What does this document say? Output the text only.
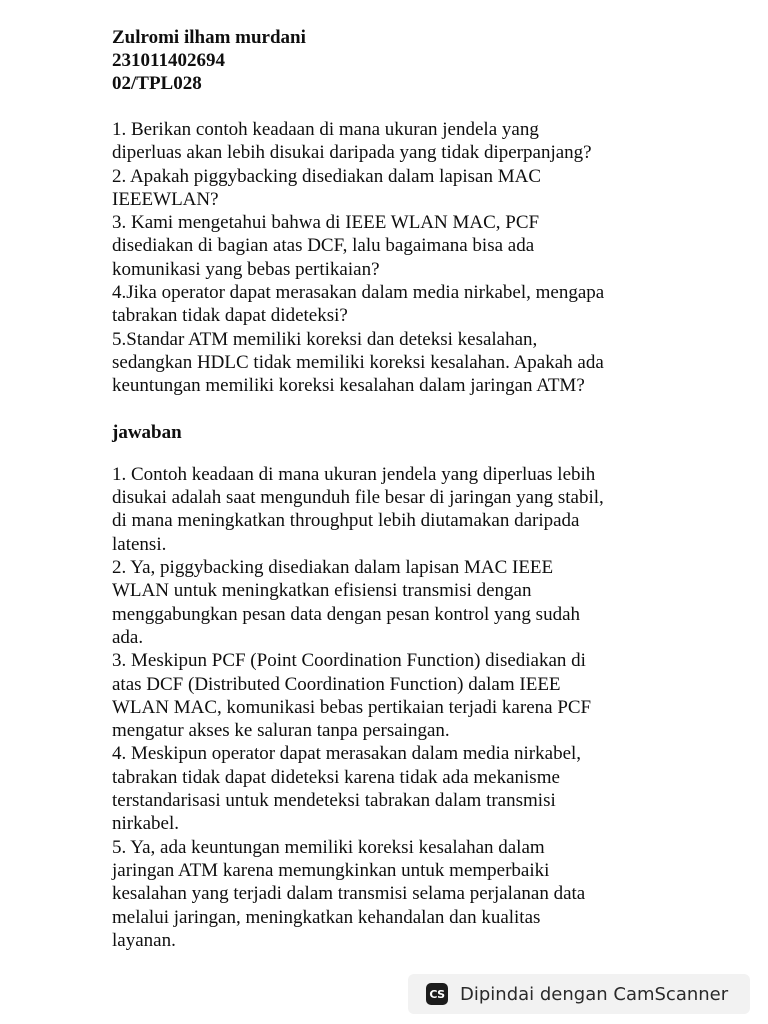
Zulromi ilham murdani

231011402694

02/TPL028

1. Berikan contoh keadaan di mana ukuran jendela yang

diperluas akan lebih disukai daripada yang tidak diperpanjang?

2. Apakah piggybacking disediakan dalam lapisan MAC

IEEEWLAN?

3. Kami mengetahui bahwa di IEEE WLAN MAC, PCF

disediakan di bagian atas DCF, lalu bagaimana bisa ada

komunikasi yang bebas pertikaian?

4.Jika operator dapat merasakan dalam media nirkabel, mengapa

tabrakan tidak dapat dideteksi?

5.Standar ATM memiliki koreksi dan deteksi kesalahan,

sedangkan HDLC tidak memiliki koreksi kesalahan. Apakah ada

keuntungan memiliki koreksi kesalahan dalam jaringan ATM?

jawaban

1. Contoh keadaan di mana ukuran jendela yang diperluas lebih

disukai adalah saat mengunduh file besar di jaringan yang stabil,

di mana meningkatkan throughput lebih diutamakan daripada

latensi.

2. Ya, piggybacking disediakan dalam lapisan MAC IEEE

WLAN untuk meningkatkan efisiensi transmisi dengan

menggabungkan pesan data dengan pesan kontrol yang sudah

ada.

3. Meskipun PCF (Point Coordination Function) disediakan di

atas DCF (Distributed Coordination Function) dalam IEEE

WLAN MAC, komunikasi bebas pertikaian terjadi karena PCF

mengatur akses ke saluran tanpa persaingan.

4. Meskipun operator dapat merasakan dalam media nirkabel,

tabrakan tidak dapat dideteksi karena tidak ada mekanisme

terstandarisasi untuk mendeteksi tabrakan dalam transmisi

nirkabel.

5. Ya, ada keuntungan memiliki koreksi kesalahan dalam

jaringan ATM karena memungkinkan untuk memperbaiki

kesalahan yang terjadi dalam transmisi selama perjalanan data

melalui jaringan, meningkatkan kehandalan dan kualitas

layanan.

CS Dipindai dengan CamScanner
